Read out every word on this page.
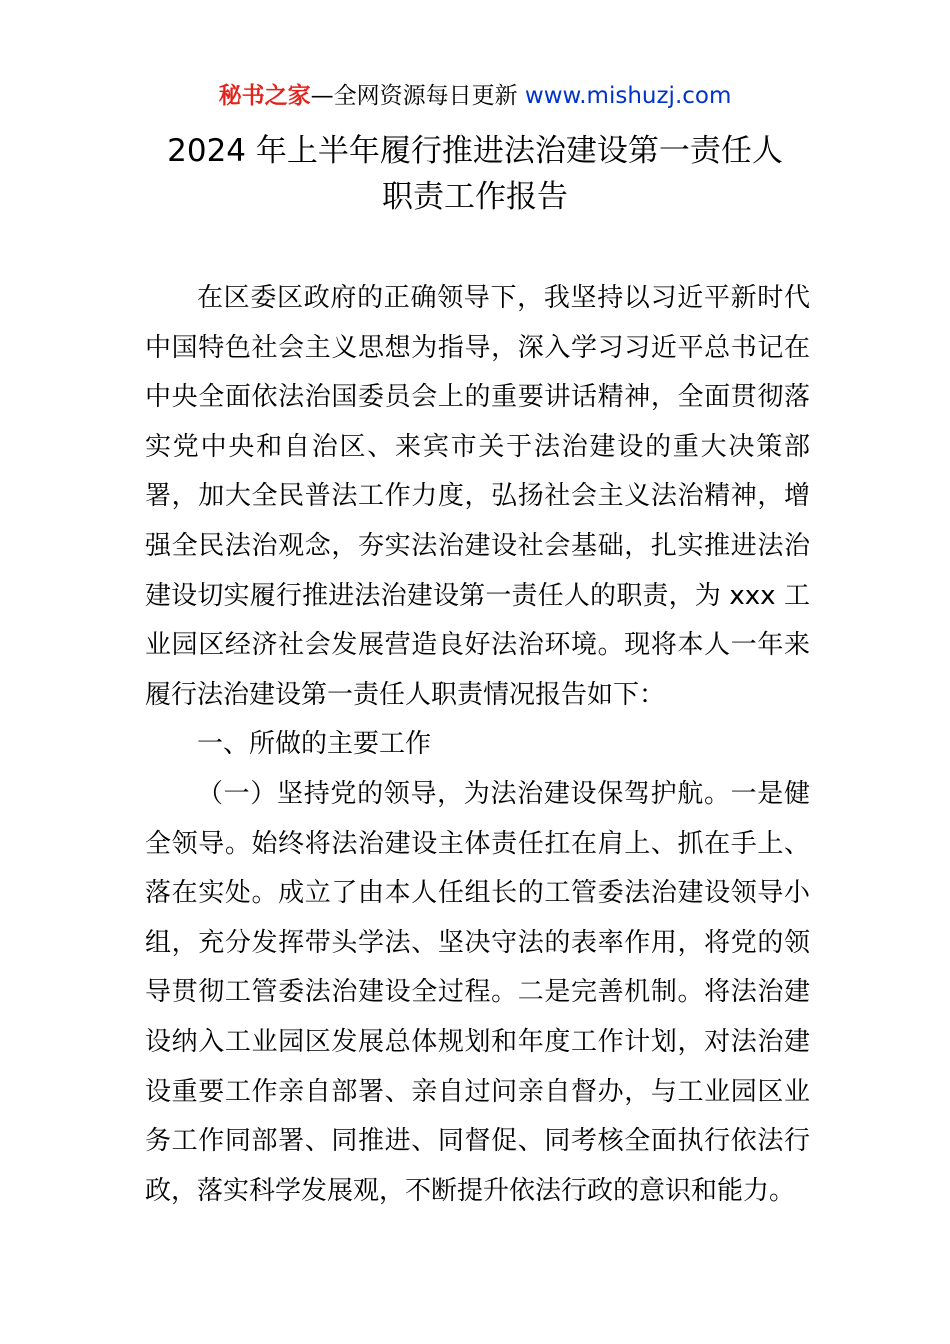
秘书之家—全网资源每日更新 www.mishuzj.com
2024 年上半年履行推进法治建设第一责任人
职责工作报告
在区委区政府的正确领导下，我坚持以习近平新时代
中国特色社会主义思想为指导，深入学习习近平总书记在
中央全面依法治国委员会上的重要讲话精神，全面贯彻落
实党中央和自治区、来宾市关于法治建设的重大决策部
署，加大全民普法工作力度，弘扬社会主义法治精神，增
强全民法治观念，夯实法治建设社会基础，扎实推进法治
建设切实履行推进法治建设第一责任人的职责，为 xxx 工
业园区经济社会发展营造良好法治环境。现将本人一年来
履行法治建设第一责任人职责情况报告如下：
一、所做的主要工作
（一）坚持党的领导，为法治建设保驾护航。一是健
全领导。始终将法治建设主体责任扛在肩上、抓在手上、
落在实处。成立了由本人任组长的工管委法治建设领导小
组，充分发挥带头学法、坚决守法的表率作用，将党的领
导贯彻工管委法治建设全过程。二是完善机制。将法治建
设纳入工业园区发展总体规划和年度工作计划，对法治建
设重要工作亲自部署、亲自过问亲自督办，与工业园区业
务工作同部署、同推进、同督促、同考核全面执行依法行
政，落实科学发展观，不断提升依法行政的意识和能力。
